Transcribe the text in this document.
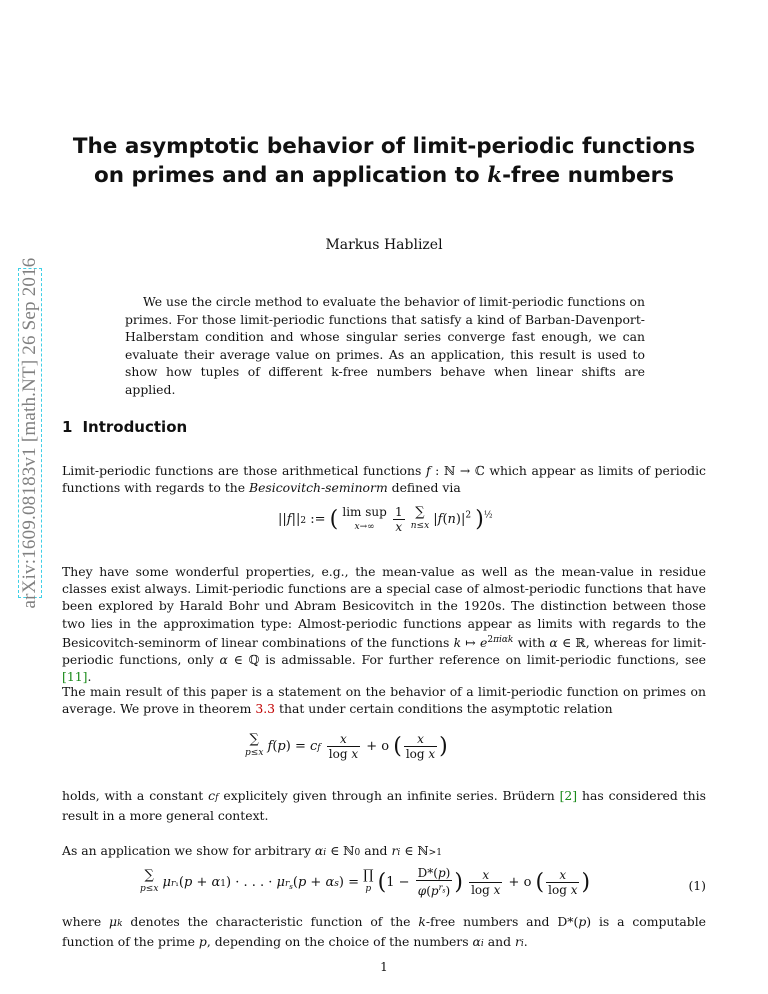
arXiv:1609.08183v1 [math.NT] 26 Sep 2016
The asymptotic behavior of limit-periodic functions on primes and an application to k-free numbers
Markus Hablizel

We use the circle method to evaluate the behavior of limit-periodic functions on primes. For those limit-periodic functions that satisfy a kind of Barban-Davenport-Halberstam condition and whose singular series converge fast enough, we can evaluate their average value on primes. As an application, this result is used to show how tuples of different k-free numbers behave when linear shifts are applied.

1 Introduction

Limit-periodic functions are those arithmetical functions f : ℕ → ℂ which appear as limits of periodic functions with regards to the Besicovitch-seminorm defined via

||f||2 := ( lim sup
$x\to\infty \frac{1}{x}$ ∑
n≤x $|f(n)|^2$ )$^{\frac{1}{2}}$

They have some wonderful properties, e.g., the mean-value as well as the mean-value in residue classes exist always. Limit-periodic functions are a special case of almost-periodic functions that have been explored by Harald Bohr und Abram Besicovitch in the 1920s. The distinction between those two lies in the approximation type: Almost-periodic functions appear as limits with regards to the Besicovitch-seminorm of linear combinations of the functions k ↦ $e^{2\pi i\alpha k}$ with α ∈ ℝ, whereas for limit-periodic functions, only α ∈ ℚ is admissable. For further reference on limit-periodic functions, see [11].

The main result of this paper is a statement on the behavior of a limit-periodic function on primes on average. We prove in theorem 3.3 that under certain conditions the asymptotic relation

∑
p≤x f(p) = cf $\frac{x}{\text{log x}} + o$ ( $\frac{x}{\text{log x}}$ )

holds, with a constant cf explicitely given through an infinite series. Brüdern [2] has considered this result in a more general context.

As an application we show for arbitrary αi ∈ ℕ0 and ri ∈ ℕ>1

∑
p≤x μr₁(p + α1) · . . . · $\mu r_s(p + \alpha s)$ = ∏
p ($1 - \frac{D*(p)}{\varphi(p^{r_s})}$ ) $\frac{x}{\text{log x}} + o$ ( $\frac{x}{\text{log x}}$ )	(1)

where μk denotes the characteristic function of the k-free numbers and D*(p) is a computable function of the prime p, depending on the choice of the numbers αi and ri.

1
